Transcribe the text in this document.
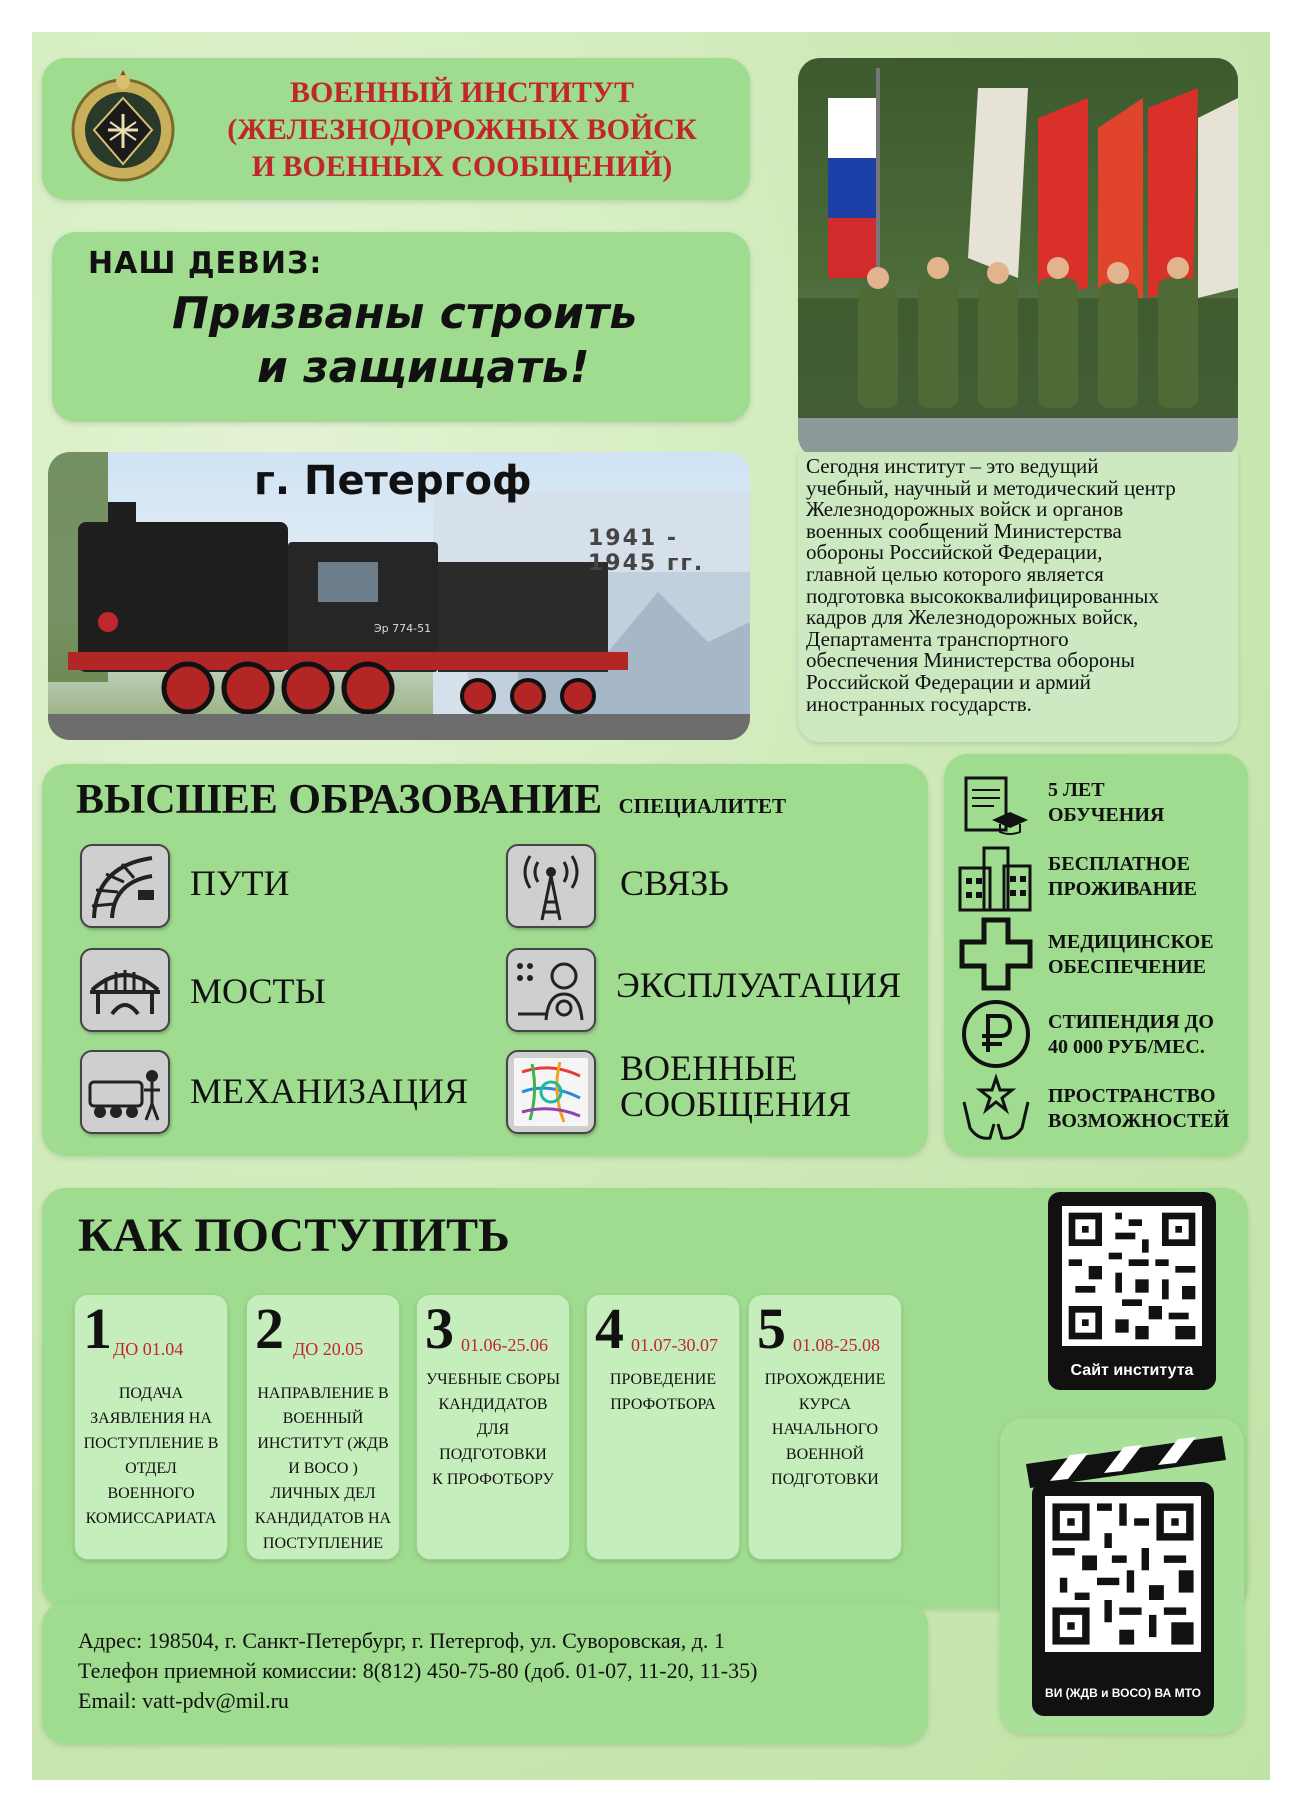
ВОЕННЫЙ ИНСТИТУТ
(ЖЕЛЕЗНОДОРОЖНЫХ ВОЙСК
И ВОЕННЫХ СООБЩЕНИЙ)
НАШ ДЕВИЗ:
Призваны строить
и защищать!
г. Петергоф
1941 - 1945 гг.
Эр 774-51

Сегодня институт – это ведущий

учебный, научный и методический центр

Железнодорожных войск и органов

военных сообщений Министерства

обороны Российской Федерации,

главной целью которого является

подготовка высококвалифицированных

кадров для Железнодорожных войск,

Департамента транспортного

обеспечения Министерства обороны

Российской Федерации и армий

иностранных государств.

ВЫСШЕЕ ОБРАЗОВАНИЕ СПЕЦИАЛИТЕТ
ПУТИ	СВЯЗЬ
МОСТЫ	ЭКСПЛУАТАЦИЯ
МЕХАНИЗАЦИЯ
ВОЕННЫЕ
СООБЩЕНИЯ
5 ЛЕТ
ОБУЧЕНИЯ
БЕСПЛАТНОЕ
ПРОЖИВАНИЕ
МЕДИЦИНСКОЕ
ОБЕСПЕЧЕНИЕ
СТИПЕНДИЯ ДО
40 000 РУБ/МЕС.
ПРОСТРАНСТВО
ВОЗМОЖНОСТЕЙ
КАК ПОСТУПИТЬ
1 ДО 01.04
ПОДАЧА
ЗАЯВЛЕНИЯ НА
ПОСТУПЛЕНИЕ В
ОТДЕЛ
ВОЕННОГО
КОМИССАРИАТА
2 ДО 20.05
НАПРАВЛЕНИЕ В
ВОЕННЫЙ
ИНСТИТУТ (ЖДВ
И ВОСО )
ЛИЧНЫХ ДЕЛ
КАНДИДАТОВ НА
ПОСТУПЛЕНИЕ
3 01.06-25.06
УЧЕБНЫЕ СБОРЫ
КАНДИДАТОВ
ДЛЯ
ПОДГОТОВКИ
К ПРОФОТБОРУ
4 01.07-30.07
ПРОВЕДЕНИЕ
ПРОФОТБОРА
5 01.08-25.08
ПРОХОЖДЕНИЕ
КУРСА
НАЧАЛЬНОГО
ВОЕННОЙ
ПОДГОТОВКИ
Сайт института
ВИ (ЖДВ и ВОСО) ВА МТО
Адрес: 198504, г. Санкт-Петербург, г. Петергоф, ул. Суворовская, д. 1
Телефон приемной комиссии: 8(812) 450-75-80 (доб. 01-07, 11-20, 11-35)
Email: vatt-pdv@mil.ru
